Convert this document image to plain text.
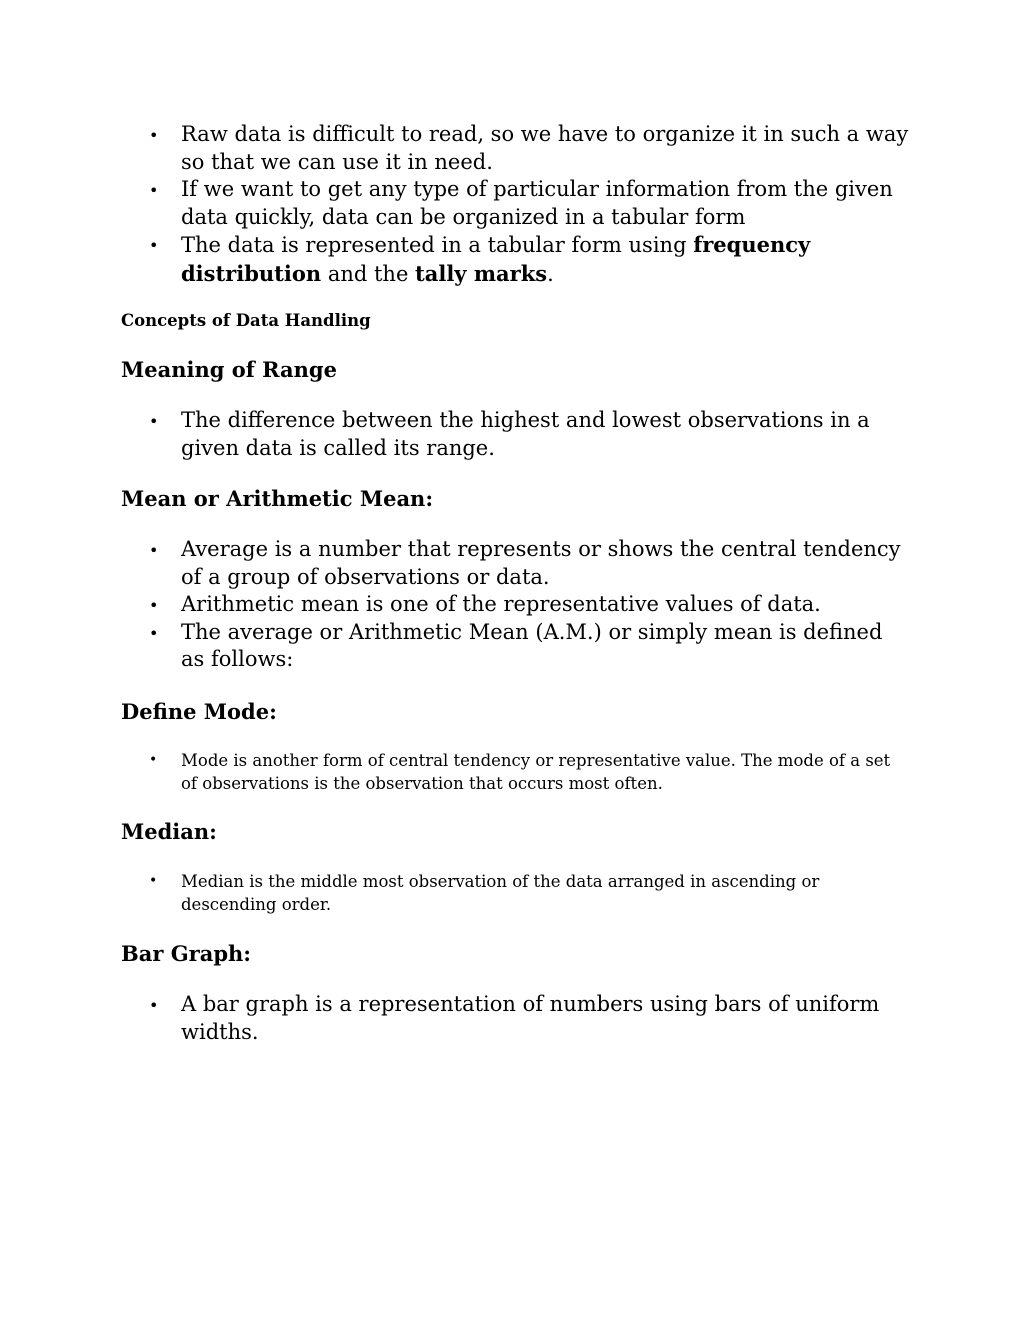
• Raw data is difficult to read, so we have to organize it in such a way so that we can use it in need.
• If we want to get any type of particular information from the given data quickly, data can be organized in a tabular form
• The data is represented in a tabular form using frequency distribution and the tally marks.
Concepts of Data Handling
Meaning of Range
• The difference between the highest and lowest observations in a given data is called its range.
Mean or Arithmetic Mean:
• Average is a number that represents or shows the central tendency of a group of observations or data.
• Arithmetic mean is one of the representative values of data.
• The average or Arithmetic Mean (A.M.) or simply mean is defined as follows:
Define Mode:
• Mode is another form of central tendency or representative value. The mode of a set of observations is the observation that occurs most often.
Median:
• Median is the middle most observation of the data arranged in ascending or descending order.
Bar Graph:
• A bar graph is a representation of numbers using bars of uniform widths.
